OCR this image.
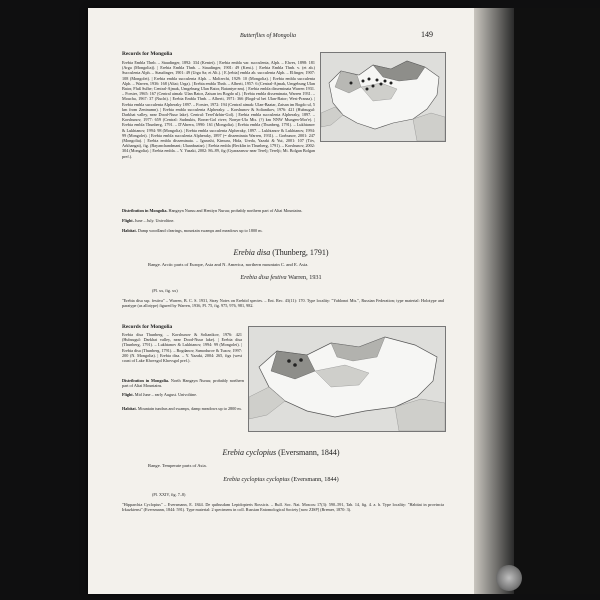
Butterflies of Mongolia	149
Records for Mongolia
Erebia Embla Thnb. – Staudinger, 1892: 334 (Kentei). | Erebia embla var. succulenta, Alph. – Elwes, 1898: 181 (Arga (Mongolia)). | Erebia Embla Thnb. – Staudinger, 1901: 49 (Kent.). | Erebia Embla Thnb. v. (et ab.) Succulenta Alph. – Staudinger, 1901: 49 (Urga Sa; et Alt.). | E.[rebia] embla ab. succulenta Alph. – Elfinger, 1907: 108 (Mongolei). | Erebia embla succulenta Alph. – Moltrecht, 1929: 10 (Mongolia). | Erebia embla succulenta Alph. – Warren, 1936: 168 (Altai; Urga). | Erebia embla Thnb. – Alberti, 1957: 6 (Central-Ajmak, Umgebung Ulan Bator, Fluß Sulbe; Central-Ajmak, Umgebung Ulan Bator, Batantyn-am). | Erebia embla disseminata Warren 1931. – Forster, 1965: 167 (Central aimak: Ulan Bator, Zaisan im Bogdo ul). | Erebia embla disseminata, Warren 1931. – Moucha, 1967: 37 (Nucht). | Erebia Embla Thnb. – Alberti, 1971: 366 (Bogd-ul bei Ulan-Bator; West-Pranza). | Erebia embla succulenta Alpheraky 1897. – Forster, 1972: 194 (Central aimak: Ulan-Baatar, Zaisan im Bogdo ul, 5 km from Zeninumn). | Erebia embla succulenta Alpheraky. – Korshunov & Solianikov, 1976: 421 (Hubsugul: Darkhat valley, near Dood-Nuur lake). Central: Terel'dzhin-Gol). | Erebia embla succulenta Alpheraky, 1897. – Korshunov, 1977: 659 (Central: Sudnukts, Boron-Gol river; Nonyn-Ula Mts. (?) km NNW Mungen-Mor'e). | Erebia embla Thunberg, 1791. – D'Abrera, 1990: 161 (Mongolia). | Erebia embla (Thunberg, 1791). – Lukhtanov & Lukhtanov, 1994: 98 (Mongolia). | Erebia embla succulenta Alpheraky, 1897. – Lukhtanov & Lukhtanov, 1994: 99 (Mongolei). | Erebia embla succulenta Alpheraky, 1897 (= disseminata Warren, 1931). – Gorbunov, 2001: 247 (Mongolia). | Erebia embla disseminata. – Igarashi, Kimura, Hida, Ureda, Yazaki & Yui, 2001: 107 (Töv, Arkhangai), fig. (Bayanchandmani; Ulaanbaatar). | Erebia embla (Becklin in Thunberg, 1791). – Korshunov, 2002: 304 (Mongolia). | Erebia embla. – Y. Yazaki, 2002: 86–89, fig (Gyarazaruw near Terelj; Terelji; Mt. Bolgan Bolgan pref.).
Distribution in Mongolia. Hangayn Nuruu and Hentiyn Nuruu; probably northern part of Altai Mountains.
Flight. June – July. Univoltine.
Habitat. Damp woodland clearings, mountain swamps and meadows up to 1800 m.
Erebia disa (Thunberg, 1791)
Range. Arctic parts of Europe, Asia and N. America, northern mountain C. and E. Asia.
Erebia disa festiva Warren, 1931
(Pl. xx, fig. xx)
"Erebia disa ssp. festiva" – Warren, B. C. S. 1931, Stray Notes on Erebiid species. – Ent. Rec. 43(11): 170. Type locality: "Yablonoi Mts.", Russian Federation; type material: Holotype and paratype (as allotype) figured by Warren, 1936, Pl. 75, fig. 975, 976, 981, 982.
Records for Mongolia
Erebia disa Thunberg. – Korshunov & Solianikov, 1976: 421 (Hubsugul: Darkhat valley, near Dood-Nuur lake). | Erebia disa (Thunberg, 1791). – Lukhtanov & Lukhtanov, 1994: 99 (Mongolei). | Erebia disa (Thunberg, 1791). – Bogdanov, Samodurov & Tuzov, 1997: 200 (N. Mongolia). | Erebia disa. – Y. Yazaki, 2004: 265, figs (west coast of Lake Khovsgol Khovsgol pref.).
Distribution in Mongolia. North Hangayn Nuruu; probably northern part of Altai Mountains.
Flight. Mid June – early August. Univoltine.
Habitat. Mountain tundras and swamps, damp meadows up to 2800 m.
Erebia cyclopius (Eversmann, 1844)
Range. Temperate parts of Asia.
Erebia cyclopius cyclopius (Eversmann, 1844)
(Pl. XXIV, fig. 7–8)
"Hipparchia Cyclopius" – Eversmann, E. 1844. De quibusdam Lepidopteris Rossicis. – Bull. Soc. Nat. Moscou 17(3): 590–591, Tab. 14, fig. 4. a. b. Type locality: "Habitat in provincia Irkuzkiensi" (Eversmann, 1844: 591). Type material: 2 specimens in coll. Russian Entomological Society [now ZISP] (Bremer, 1870: 3).
